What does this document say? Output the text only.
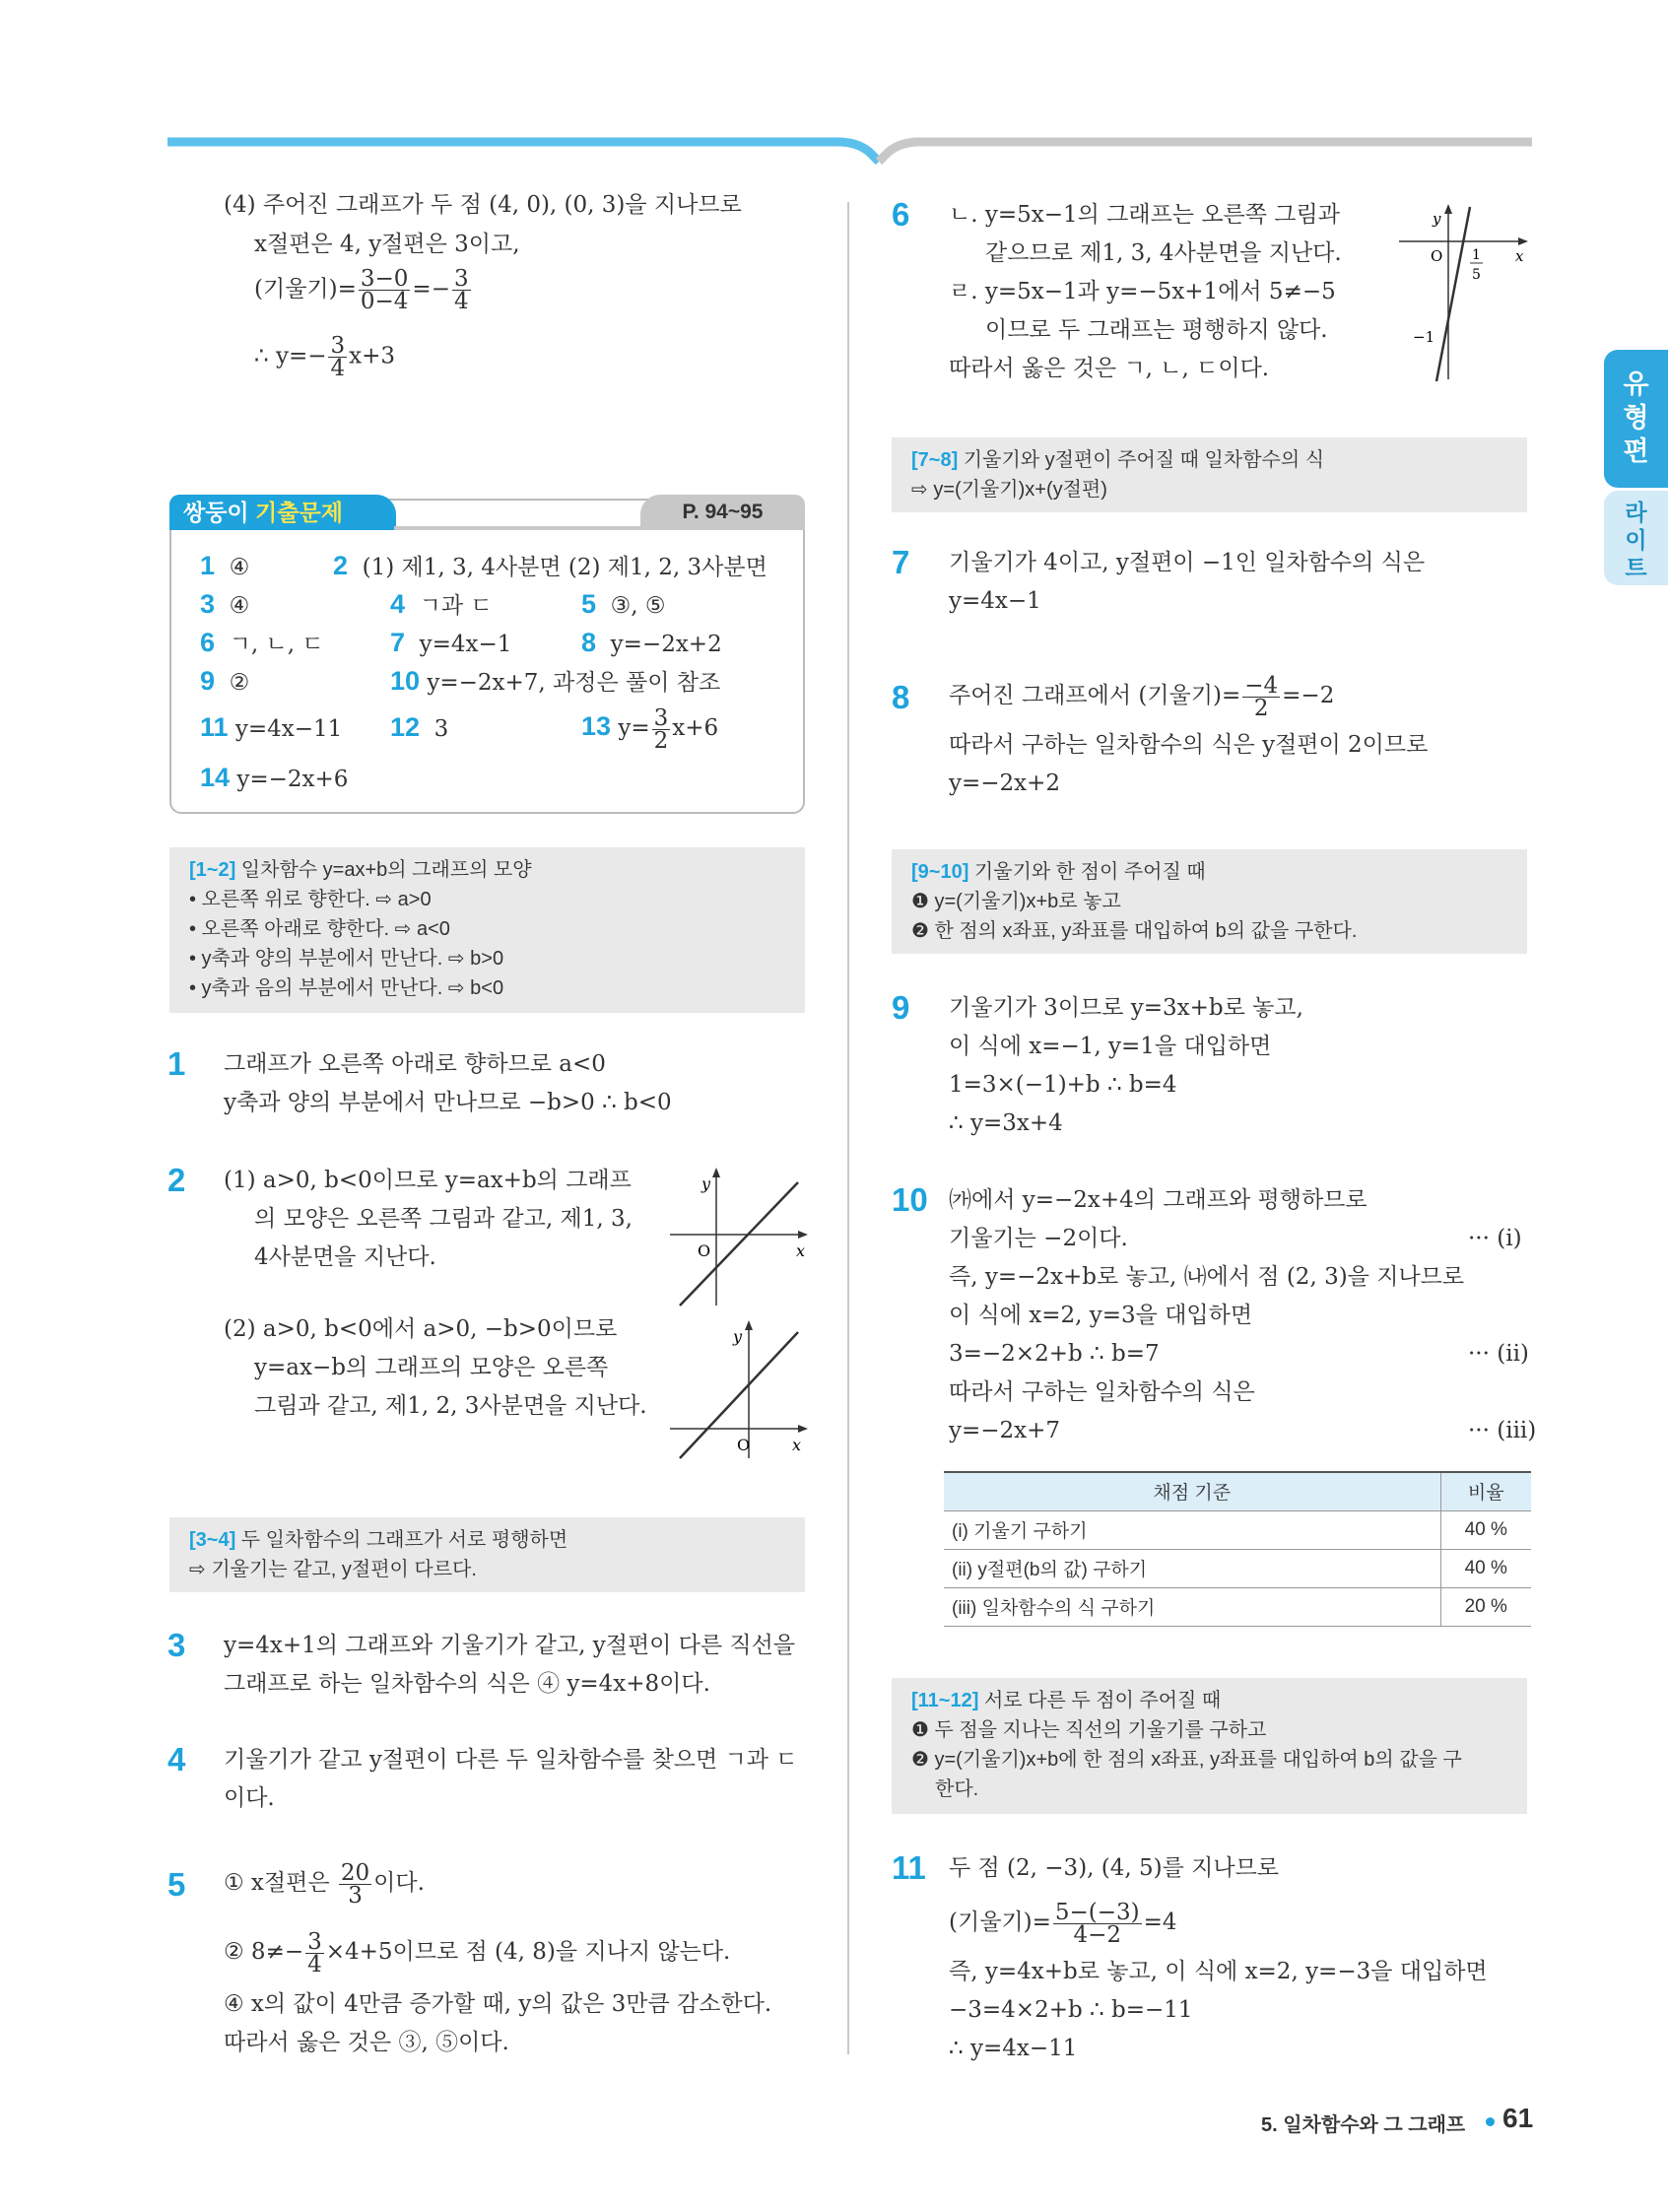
(4) 주어진 그래프가 두 점 (4, 0), (0, 3)을 지나므로
x절편은 4, y절편은 3이고,
(기울기)= $\frac{3-0}{0-4} =- \frac{3}{4}$
∴ $y=- \frac{3}{4} x+3$
쌍둥이 기출문제	P. 94~95
1 ④	2 (1) 제1, 3, 4사분면 (2) 제1, 2, 3사분면
3 ④	4 ㄱ과 ㄷ	5 ③, ⑤
6 ㄱ, ㄴ, ㄷ 7 y=4x−1	8 y=−2x+2
9 ②	10 y=−2x+7, 과정은 풀이 참조
11 y=4x−11 12 3	13 $y= \frac{3}{2} x+6$
14 y=−2x+6
[1~2] 일차함수 y=ax+b의 그래프의 모양
• 오른쪽 위로 향한다. ⇨ a>0
• 오른쪽 아래로 향한다. ⇨ a<0
• y축과 양의 부분에서 만난다. ⇨ b>0
• y축과 음의 부분에서 만난다. ⇨ b<0
1 그래프가 오른쪽 아래로 향하므로 a<0
y축과 양의 부분에서 만나므로 −b>0 ∴ b<0
2 (1) a>0, b<0이므로 y=ax+b의 그래프
의 모양은 오른쪽 그림과 같고, 제1, 3,
4사분면을 지난다.
y
x
O
(2) a>0, b<0에서 a>0, −b>0이므로
y=ax−b의 그래프의 모양은 오른쪽
그림과 같고, 제1, 2, 3사분면을 지난다.
y
x
O
[3~4] 두 일차함수의 그래프가 서로 평행하면
⇨ 기울기는 같고, y절편이 다르다.
3 y=4x+1의 그래프와 기울기가 같고, y절편이 다른 직선을
그래프로 하는 일차함수의 식은 ④ y=4x+8이다.
4 기울기가 같고 y절편이 다른 두 일차함수를 찾으면 ㄱ과 ㄷ
이다.
5 ① x절편은 $\frac{20}{3}$ 이다.
② $8\ne- \frac{3}{4} \times 4+5$이므로 점 (4, 8)을 지나지 않는다.
④ x의 값이 4만큼 증가할 때, y의 값은 3만큼 감소한다.
따라서 옳은 것은 ③, ⑤이다.
6 ㄴ. y=5x−1의 그래프는 오른쪽 그림과
같으므로 제1, 3, 4사분면을 지난다.
ㄹ. y=5x−1과 y=−5x+1에서 5≠−5
이므로 두 그래프는 평행하지 않다.
따라서 옳은 것은 ㄱ, ㄴ, ㄷ이다.
y
x
O 1
5
−1
[7~8] 기울기와 y절편이 주어질 때 일차함수의 식
⇨ y=(기울기)x+(y절편)
7 기울기가 4이고, y절편이 −1인 일차함수의 식은
y=4x−1
8 주어진 그래프에서 (기울기)= $\frac{-4}{2} =-2$
따라서 구하는 일차함수의 식은 y절편이 2이므로
y=−2x+2
[9~10] 기울기와 한 점이 주어질 때
❶ y=(기울기)x+b로 놓고
❷ 한 점의 x좌표, y좌표를 대입하여 b의 값을 구한다.
9 기울기가 3이므로 y=3x+b로 놓고,
이 식에 x=−1, y=1을 대입하면
1=3×(−1)+b ∴ b=4
∴ y=3x+4
10 ㈎에서 y=−2x+4의 그래프와 평행하므로
기울기는 −2이다.	··· (i)
즉, y=−2x+b로 놓고, ㈏에서 점 (2, 3)을 지나므로
이 식에 x=2, y=3을 대입하면
3=−2×2+b ∴ b=7	··· (ii)
따라서 구하는 일차함수의 식은
y=−2x+7	··· (iii)
채점 기준	비율
(i) 기울기 구하기	40 %
(ii) y절편(b의 값) 구하기	40 %
(iii) 일차함수의 식 구하기	20 %
[11~12] 서로 다른 두 점이 주어질 때
❶ 두 점을 지나는 직선의 기울기를 구하고
❷ y=(기울기)x+b에 한 점의 x좌표, y좌표를 대입하여 b의 값을 구
한다.
11 두 점 (2, −3), (4, 5)를 지나므로
(기울기)= $\frac{5-(-3)}{4-2} =4$
즉, y=4x+b로 놓고, 이 식에 x=2, y=−3을 대입하면
−3=4×2+b ∴ b=−11
∴ y=4x−11
유형편
라이트
5. 일차함수와 그 그래프 61
